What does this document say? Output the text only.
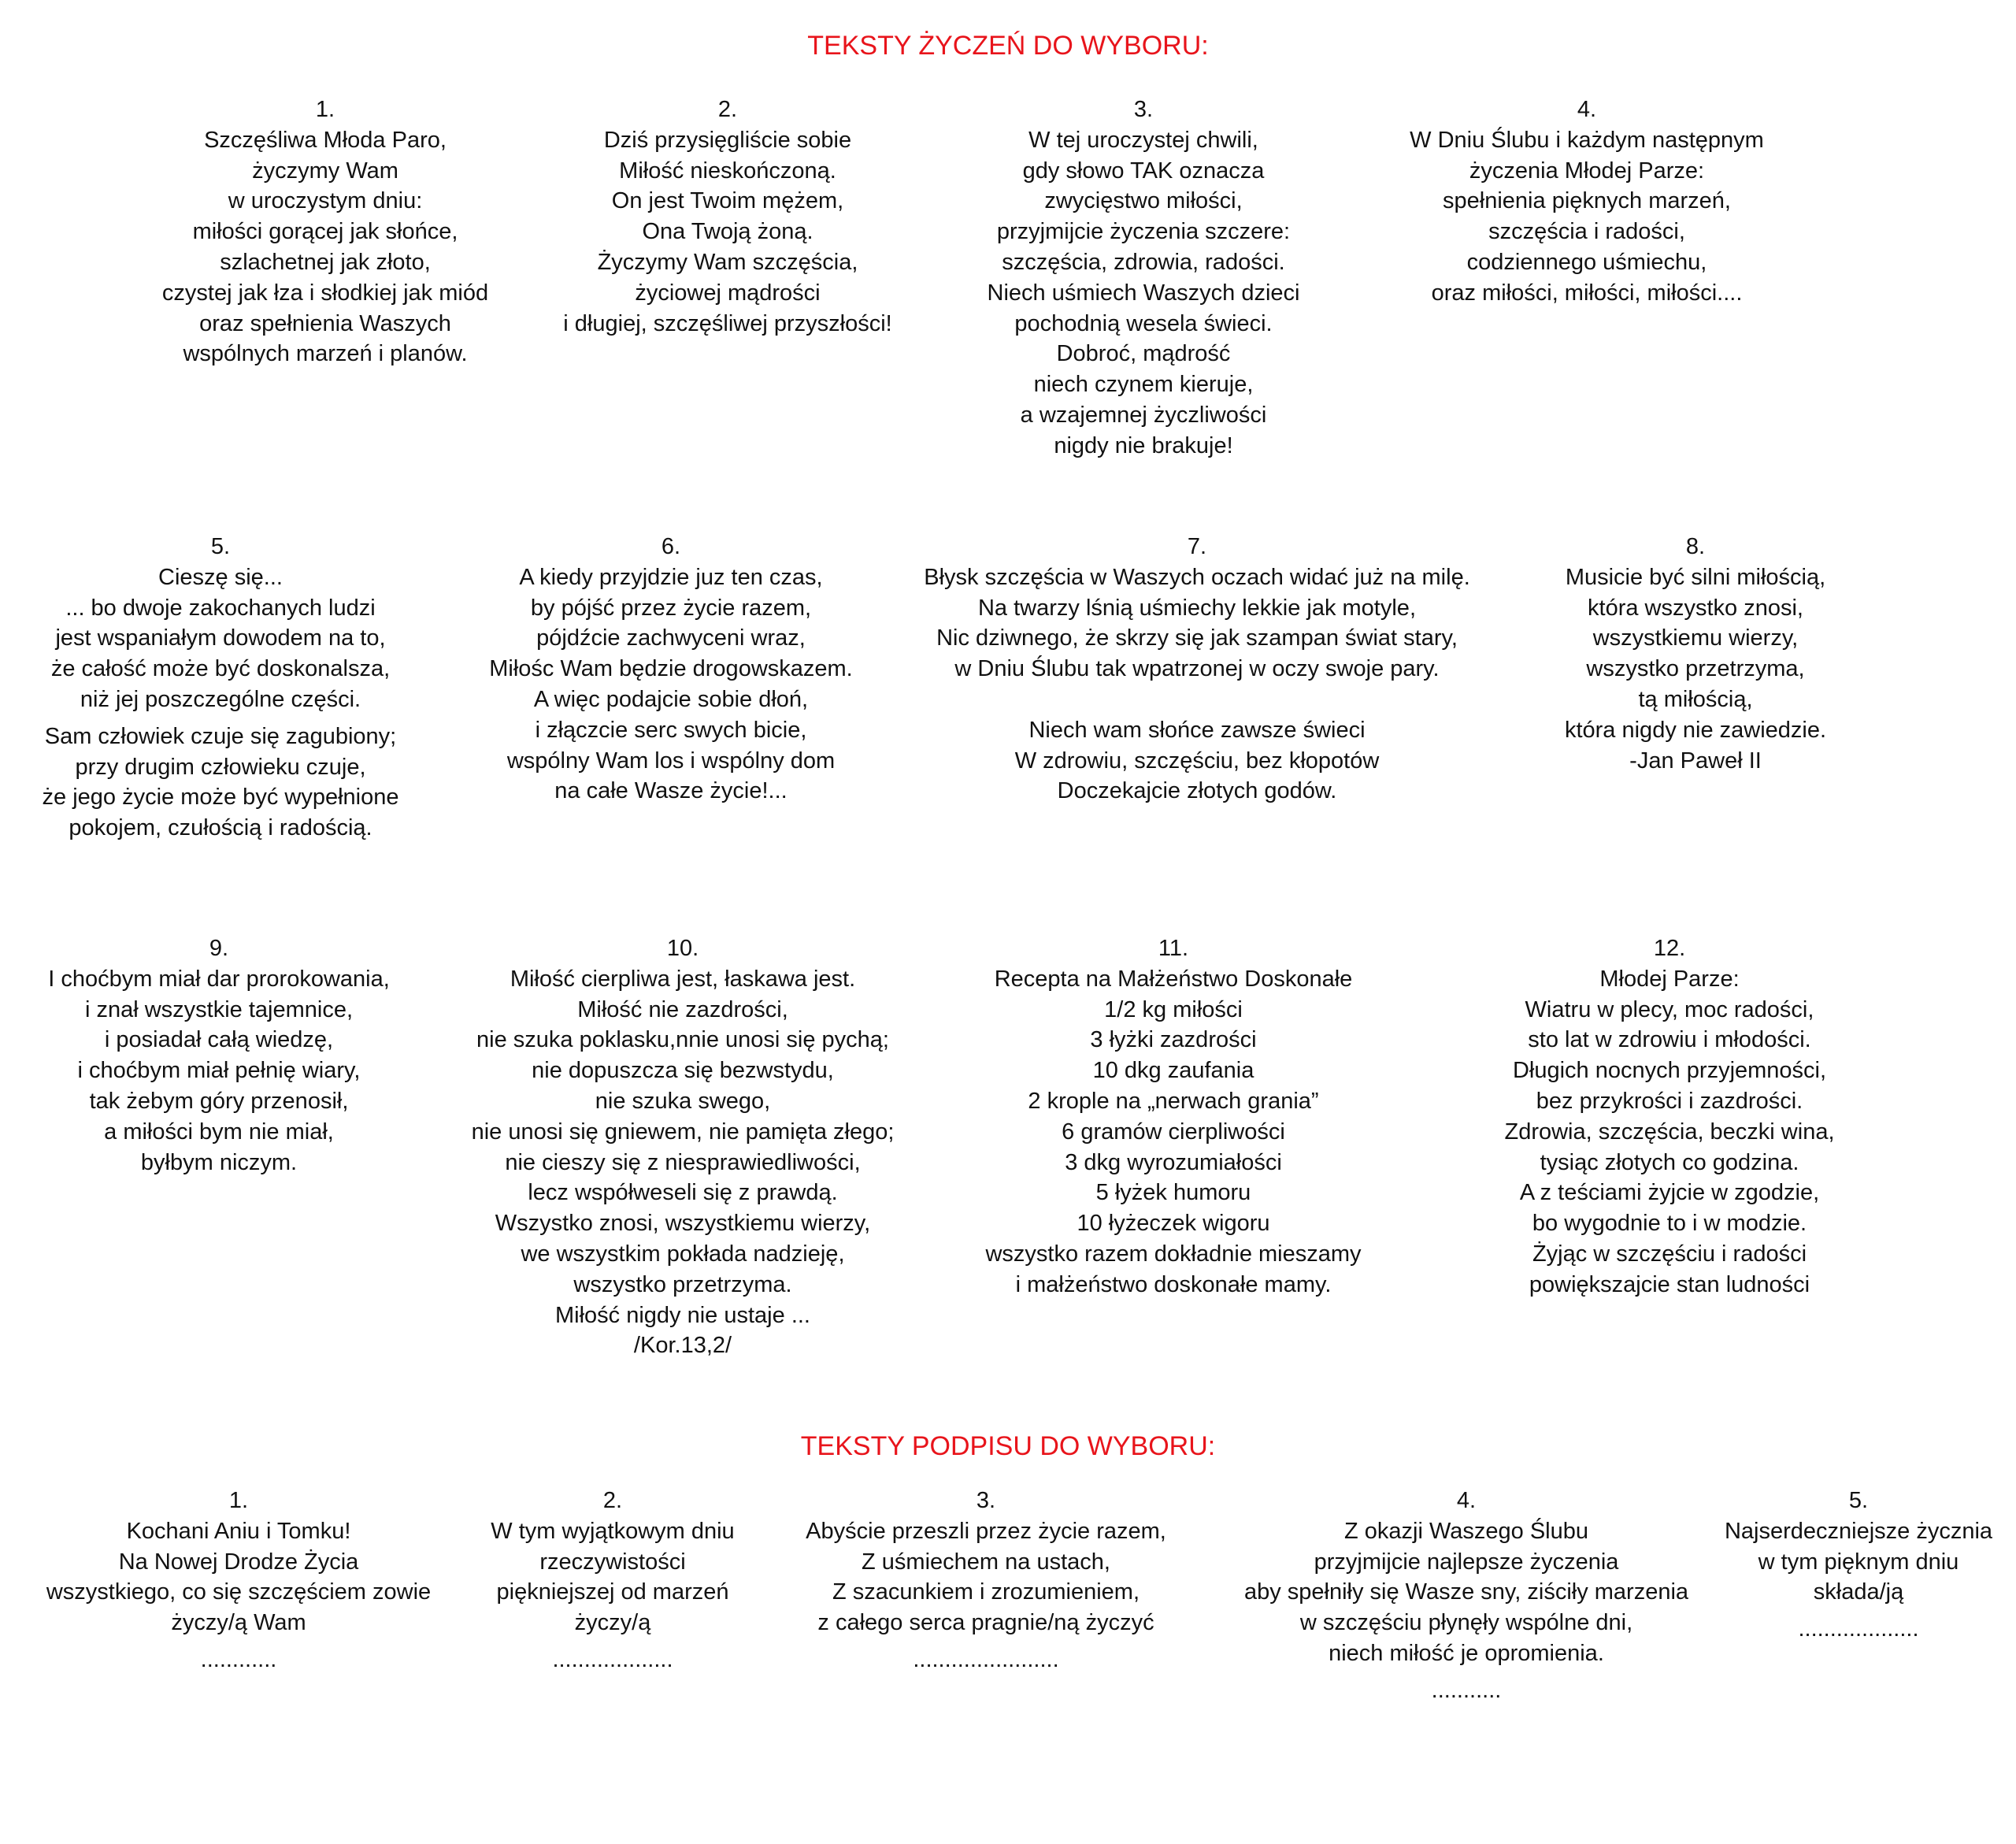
TEKSTY ŻYCZEŃ DO WYBORU:
1.
Szczęśliwa Młoda Paro,
życzymy Wam
w uroczystym dniu:
miłości gorącej jak słońce,
szlachetnej jak złoto,
czystej jak łza i słodkiej jak miód
oraz spełnienia Waszych
wspólnych marzeń i planów.
2.
Dziś przysięgliście sobie
Miłość nieskończoną.
On jest Twoim mężem,
Ona Twoją żoną.
Życzymy Wam szczęścia,
życiowej mądrości
i długiej, szczęśliwej przyszłości!
3.
W tej uroczystej chwili,
gdy słowo TAK oznacza
zwycięstwo miłości,
przyjmijcie życzenia szczere:
szczęścia, zdrowia, radości.
Niech uśmiech Waszych dzieci
pochodnią wesela świeci.
Dobroć, mądrość
niech czynem kieruje,
a wzajemnej życzliwości
nigdy nie brakuje!
4.
W Dniu Ślubu i każdym następnym
życzenia Młodej Parze:
spełnienia pięknych marzeń,
szczęścia i radości,
codziennego uśmiechu,
oraz miłości, miłości, miłości....
5.
Cieszę się...
... bo dwoje zakochanych ludzi
jest wspaniałym dowodem na to,
że całość może być doskonalsza,
niż jej poszczególne części.
Sam człowiek czuje się zagubiony;
przy drugim człowieku czuje,
że jego życie może być wypełnione
pokojem, czułością i radością.
6.
A kiedy przyjdzie juz ten czas,
by pójść przez życie razem,
pójdźcie zachwyceni wraz,
Miłośc Wam będzie drogowskazem.
A więc podajcie sobie dłoń,
i złączcie serc swych bicie,
wspólny Wam los i wspólny dom
na całe Wasze życie!...
7.
Błysk szczęścia w Waszych oczach widać już na milę.
Na twarzy lśnią uśmiechy lekkie jak motyle,
Nic dziwnego, że skrzy się jak szampan świat stary,
w Dniu Ślubu tak wpatrzonej w oczy swoje pary.
Niech wam słońce zawsze świeci
W zdrowiu, szczęściu, bez kłopotów
Doczekajcie złotych godów.
8.
Musicie być silni miłością,
która wszystko znosi,
wszystkiemu wierzy,
wszystko przetrzyma,
tą miłością,
która nigdy nie zawiedzie.
-Jan Paweł II
9.
I choćbym miał dar prorokowania,
i znał wszystkie tajemnice,
i posiadał całą wiedzę,
i choćbym miał pełnię wiary,
tak żebym góry przenosił,
a miłości bym nie miał,
byłbym niczym.
10.
Miłość cierpliwa jest, łaskawa jest.
Miłość nie zazdrości,
nie szuka poklasku,nnie unosi się pychą;
nie dopuszcza się bezwstydu,
nie szuka swego,
nie unosi się gniewem, nie pamięta złego;
nie cieszy się z niesprawiedliwości,
lecz współweseli się z prawdą.
Wszystko znosi, wszystkiemu wierzy,
we wszystkim pokłada nadzieję,
wszystko przetrzyma.
Miłość nigdy nie ustaje ...
/Kor.13,2/
11.
Recepta na Małżeństwo Doskonałe
1/2 kg miłości
3 łyżki zazdrości
10 dkg zaufania
2 krople na „nerwach grania”
6 gramów cierpliwości
3 dkg wyrozumiałości
5 łyżek humoru
10 łyżeczek wigoru
wszystko razem dokładnie mieszamy
i małżeństwo doskonałe mamy.
12.
Młodej Parze:
Wiatru w plecy, moc radości,
sto lat w zdrowiu i młodości.
Długich nocnych przyjemności,
bez przykrości i zazdrości.
Zdrowia, szczęścia, beczki wina,
tysiąc złotych co godzina.
A z teściami żyjcie w zgodzie,
bo wygodnie to i w modzie.
Żyjąc w szczęściu i radości
powiększajcie stan ludności
TEKSTY PODPISU DO WYBORU:
1.
Kochani Aniu i Tomku!
Na Nowej Drodze Życia
wszystkiego, co się szczęściem zowie
życzy/ą Wam
............
2.
W tym wyjątkowym dniu
rzeczywistości
piękniejszej od marzeń
życzy/ą
...................
3.
Abyście przeszli przez życie razem,
Z uśmiechem na ustach,
Z szacunkiem i zrozumieniem,
z całego serca pragnie/ną życzyć
.......................
4.
Z okazji Waszego Ślubu
przyjmijcie najlepsze życzenia
aby spełniły się Wasze sny, ziściły marzenia
w szczęściu płynęły wspólne dni,
niech miłość je opromienia.
...........
5.
Najserdeczniejsze życznia
w tym pięknym dniu
składa/ją
...................
